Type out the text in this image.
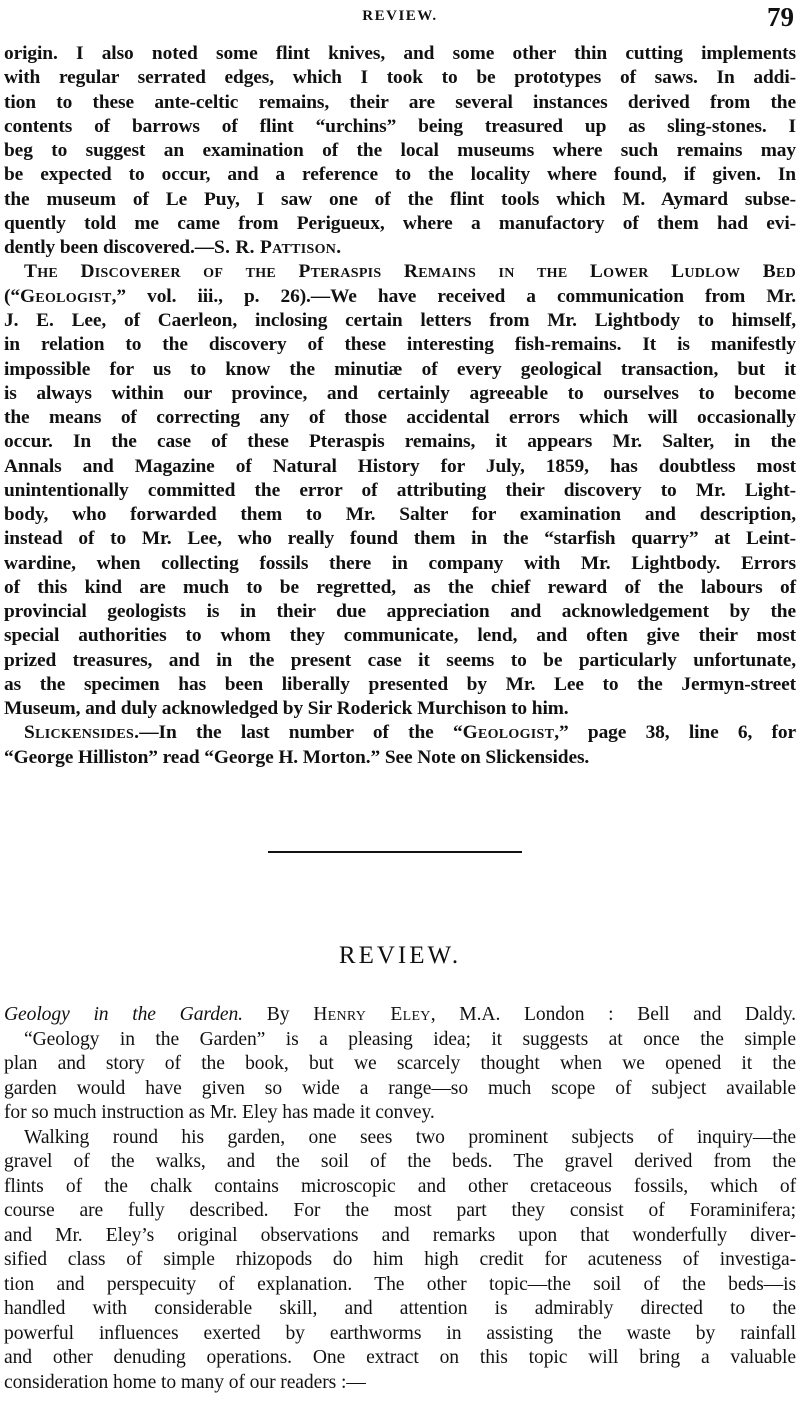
REVIEW.	79
origin. I also noted some flint knives, and some other thin cutting implements
with regular serrated edges, which I took to be prototypes of saws. In addi-
tion to these ante-celtic remains, their are several instances derived from the
contents of barrows of flint “urchins” being treasured up as sling-stones. I
beg to suggest an examination of the local museums where such remains may
be expected to occur, and a reference to the locality where found, if given. In
the museum of Le Puy, I saw one of the flint tools which M. Aymard subse-
quently told me came from Perigueux, where a manufactory of them had evi-
dently been discovered.—S. R. Pattison.
The Discoverer of the Pteraspis Remains in the Lower Ludlow Bed
(“Geologist,” vol. iii., p. 26).—We have received a communication from Mr.
J. E. Lee, of Caerleon, inclosing certain letters from Mr. Lightbody to himself,
in relation to the discovery of these interesting fish-remains. It is manifestly
impossible for us to know the minutiæ of every geological transaction, but it
is always within our province, and certainly agreeable to ourselves to become
the means of correcting any of those accidental errors which will occasionally
occur. In the case of these Pteraspis remains, it appears Mr. Salter, in the
Annals and Magazine of Natural History for July, 1859, has doubtless most
unintentionally committed the error of attributing their discovery to Mr. Light-
body, who forwarded them to Mr. Salter for examination and description,
instead of to Mr. Lee, who really found them in the “starfish quarry” at Leint-
wardine, when collecting fossils there in company with Mr. Lightbody. Errors
of this kind are much to be regretted, as the chief reward of the labours of
provincial geologists is in their due appreciation and acknowledgement by the
special authorities to whom they communicate, lend, and often give their most
prized treasures, and in the present case it seems to be particularly unfortunate,
as the specimen has been liberally presented by Mr. Lee to the Jermyn-street
Museum, and duly acknowledged by Sir Roderick Murchison to him.
Slickensides.—In the last number of the “Geologist,” page 38, line 6, for
“George Hilliston” read “George H. Morton.” See Note on Slickensides.
REVIEW.
Geology in the Garden. By Henry Eley, M.A. London : Bell and Daldy.
“Geology in the Garden” is a pleasing idea; it suggests at once the simple
plan and story of the book, but we scarcely thought when we opened it the
garden would have given so wide a range—so much scope of subject available
for so much instruction as Mr. Eley has made it convey.
Walking round his garden, one sees two prominent subjects of inquiry—the
gravel of the walks, and the soil of the beds. The gravel derived from the
flints of the chalk contains microscopic and other cretaceous fossils, which of
course are fully described. For the most part they consist of Foraminifera;
and Mr. Eley’s original observations and remarks upon that wonderfully diver-
sified class of simple rhizopods do him high credit for acuteness of investiga-
tion and perspecuity of explanation. The other topic—the soil of the beds—is
handled with considerable skill, and attention is admirably directed to the
powerful influences exerted by earthworms in assisting the waste by rainfall
and other denuding operations. One extract on this topic will bring a valuable
consideration home to many of our readers :—
